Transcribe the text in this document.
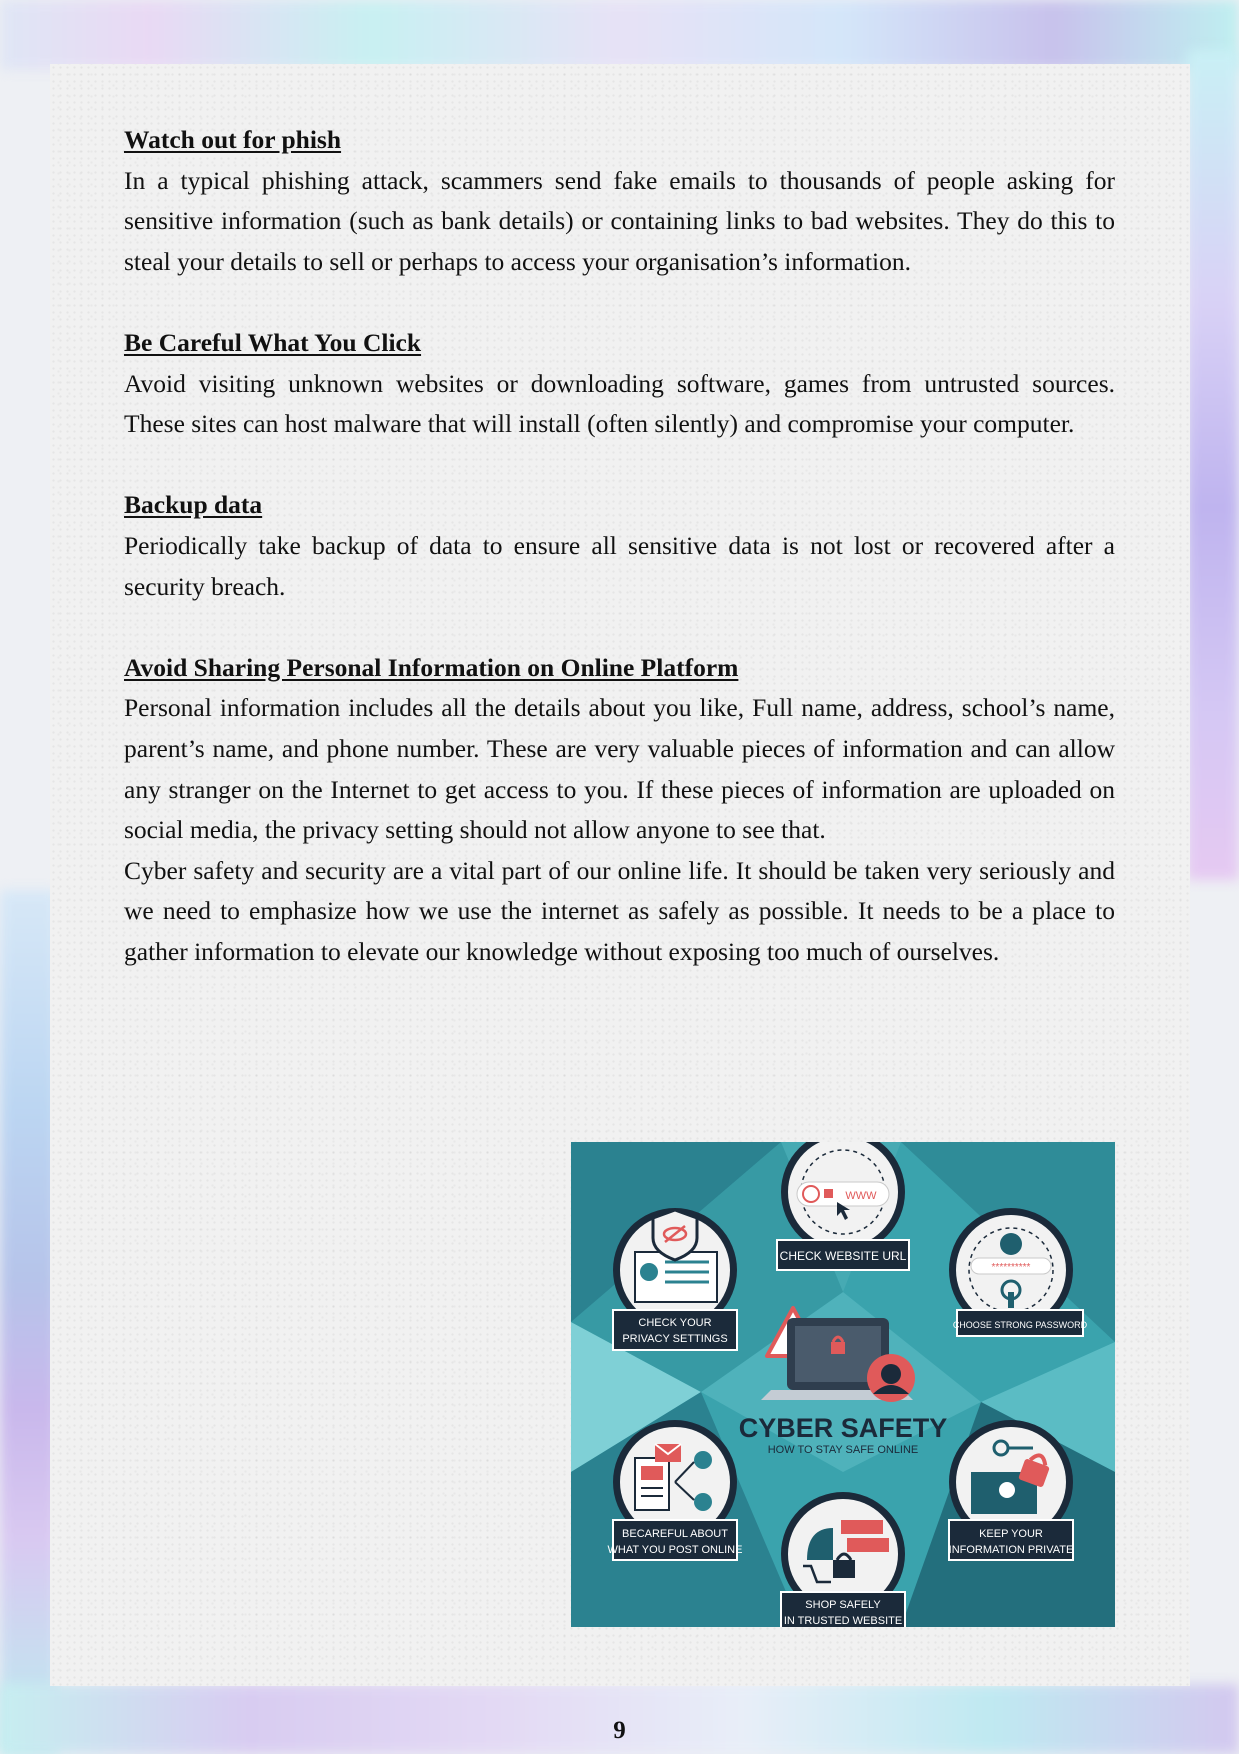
Watch out for phish

In a typical phishing attack, scammers send fake emails to thousands of people asking for sensitive information (such as bank details) or containing links to bad websites. They do this to steal your details to sell or perhaps to access your organisation’s information.

Be Careful What You Click

Avoid visiting unknown websites or downloading software, games from untrusted sources. These sites can host malware that will install (often silently) and compromise your computer.

Backup data

Periodically take backup of data to ensure all sensitive data is not lost or recovered after a security breach.

Avoid Sharing Personal Information on Online Platform

Personal information includes all the details about you like, Full name, address, school’s name, parent’s name, and phone number. These are very valuable pieces of information and can allow any stranger on the Internet to get access to you. If these pieces of information are uploaded on social media, the privacy setting should not allow anyone to see that.

Cyber safety and security are a vital part of our online life. It should be taken very seriously and we need to emphasize how we use the internet as safely as possible. It needs to be a place to gather information to elevate our knowledge without exposing too much of ourselves.

WWW
CHECK WEBSITE URL
CHECK YOUR
PRIVACY SETTINGS
**********
CHOOSE STRONG PASSWORD
CYBER SAFETY
HOW TO STAY SAFE ONLINE
BECAREFUL ABOUT
WHAT YOU POST ONLINE
KEEP YOUR
INFORMATION PRIVATE
SHOP SAFELY
IN TRUSTED WEBSITE
9
